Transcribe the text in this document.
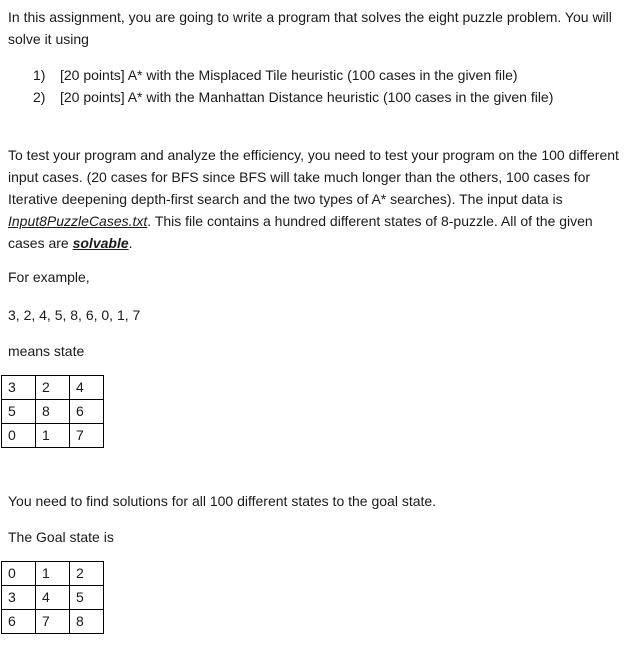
In this assignment, you are going to write a program that solves the eight puzzle problem. You will solve it using

1)	[20 points] A* with the Misplaced Tile heuristic (100 cases in the given file)
2)	[20 points] A* with the Manhattan Distance heuristic (100 cases in the given file)

To test your program and analyze the efficiency, you need to test your program on the 100 different input cases. (20 cases for BFS since BFS will take much longer than the others, 100 cases for Iterative deepening depth-first search and the two types of A* searches). The input data is Input8PuzzleCases.txt. This file contains a hundred different states of 8-puzzle. All of the given cases are solvable.

For example,

3, 2, 4, 5, 8, 6, 0, 1, 7

means state

3	2	4
5	8	6
0	1	7

You need to find solutions for all 100 different states to the goal state.

The Goal state is

0	1	2
3	4	5
6	7	8
